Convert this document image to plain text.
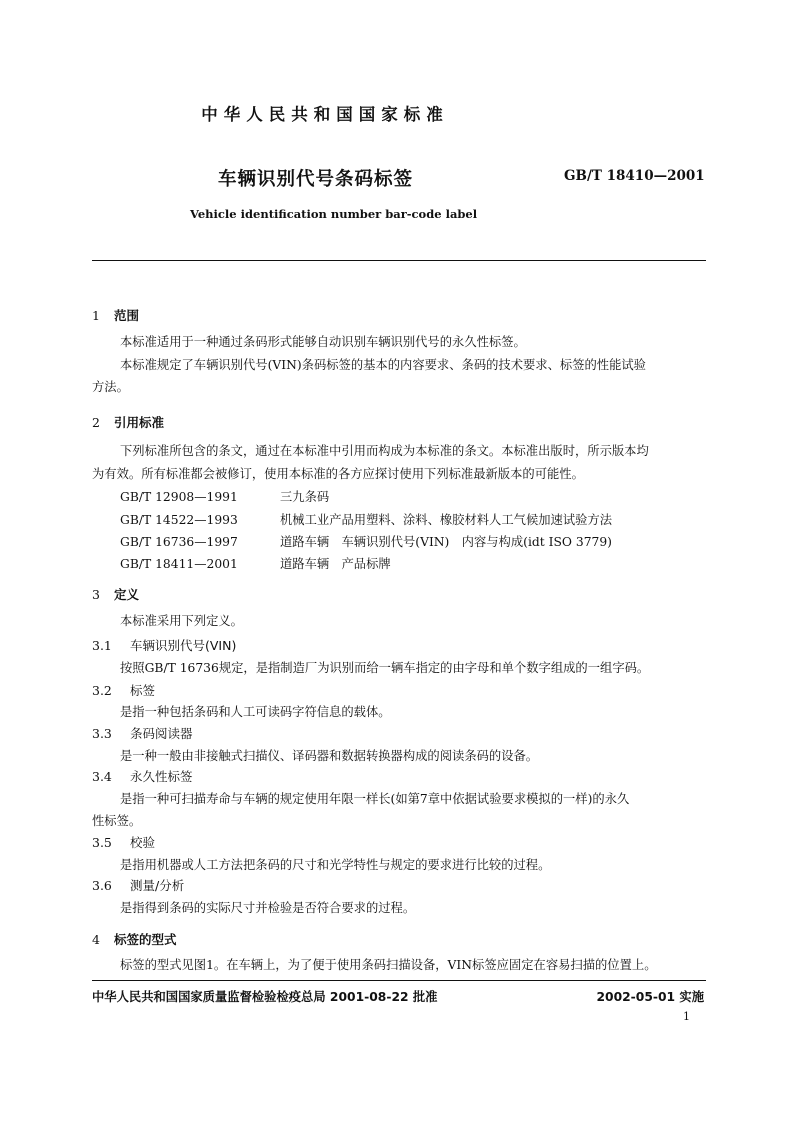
中华人民共和国国家标准
车辆识别代号条码标签	GB/T 18410—2001
Vehicle identification number bar-code label
1 范围
本标准适用于一种通过条码形式能够自动识别车辆识别代号的永久性标签。
本标准规定了车辆识别代号(VIN)条码标签的基本的内容要求、条码的技术要求、标签的性能试验
方法。
2 引用标准
下列标准所包含的条文，通过在本标准中引用而构成为本标准的条文。本标准出版时，所示版本均
为有效。所有标准都会被修订，使用本标准的各方应探讨使用下列标准最新版本的可能性。
GB/T 12908—1991	三九条码
GB/T 14522—1993	机械工业产品用塑料、涂料、橡胶材料人工气候加速试验方法
GB/T 16736—1997	道路车辆　车辆识别代号(VIN)　内容与构成(idt ISO 3779)
GB/T 18411—2001	道路车辆　产品标牌
3 定义
本标准采用下列定义。
3.1 车辆识别代号(VIN)
按照GB/T 16736规定，是指制造厂为识别而给一辆车指定的由字母和单个数字组成的一组字码。
3.2 标签
是指一种包括条码和人工可读码字符信息的载体。
3.3 条码阅读器
是一种一般由非接触式扫描仪、译码器和数据转换器构成的阅读条码的设备。
3.4 永久性标签
是指一种可扫描寿命与车辆的规定使用年限一样长(如第7章中依据试验要求模拟的一样)的永久
性标签。
3.5 校验
是指用机器或人工方法把条码的尺寸和光学特性与规定的要求进行比较的过程。
3.6 测量/分析
是指得到条码的实际尺寸并检验是否符合要求的过程。
4 标签的型式
标签的型式见图1。在车辆上，为了便于使用条码扫描设备，VIN标签应固定在容易扫描的位置上。
中华人民共和国国家质量监督检验检疫总局 2001-08-22 批准	2002-05-01 实施
1
